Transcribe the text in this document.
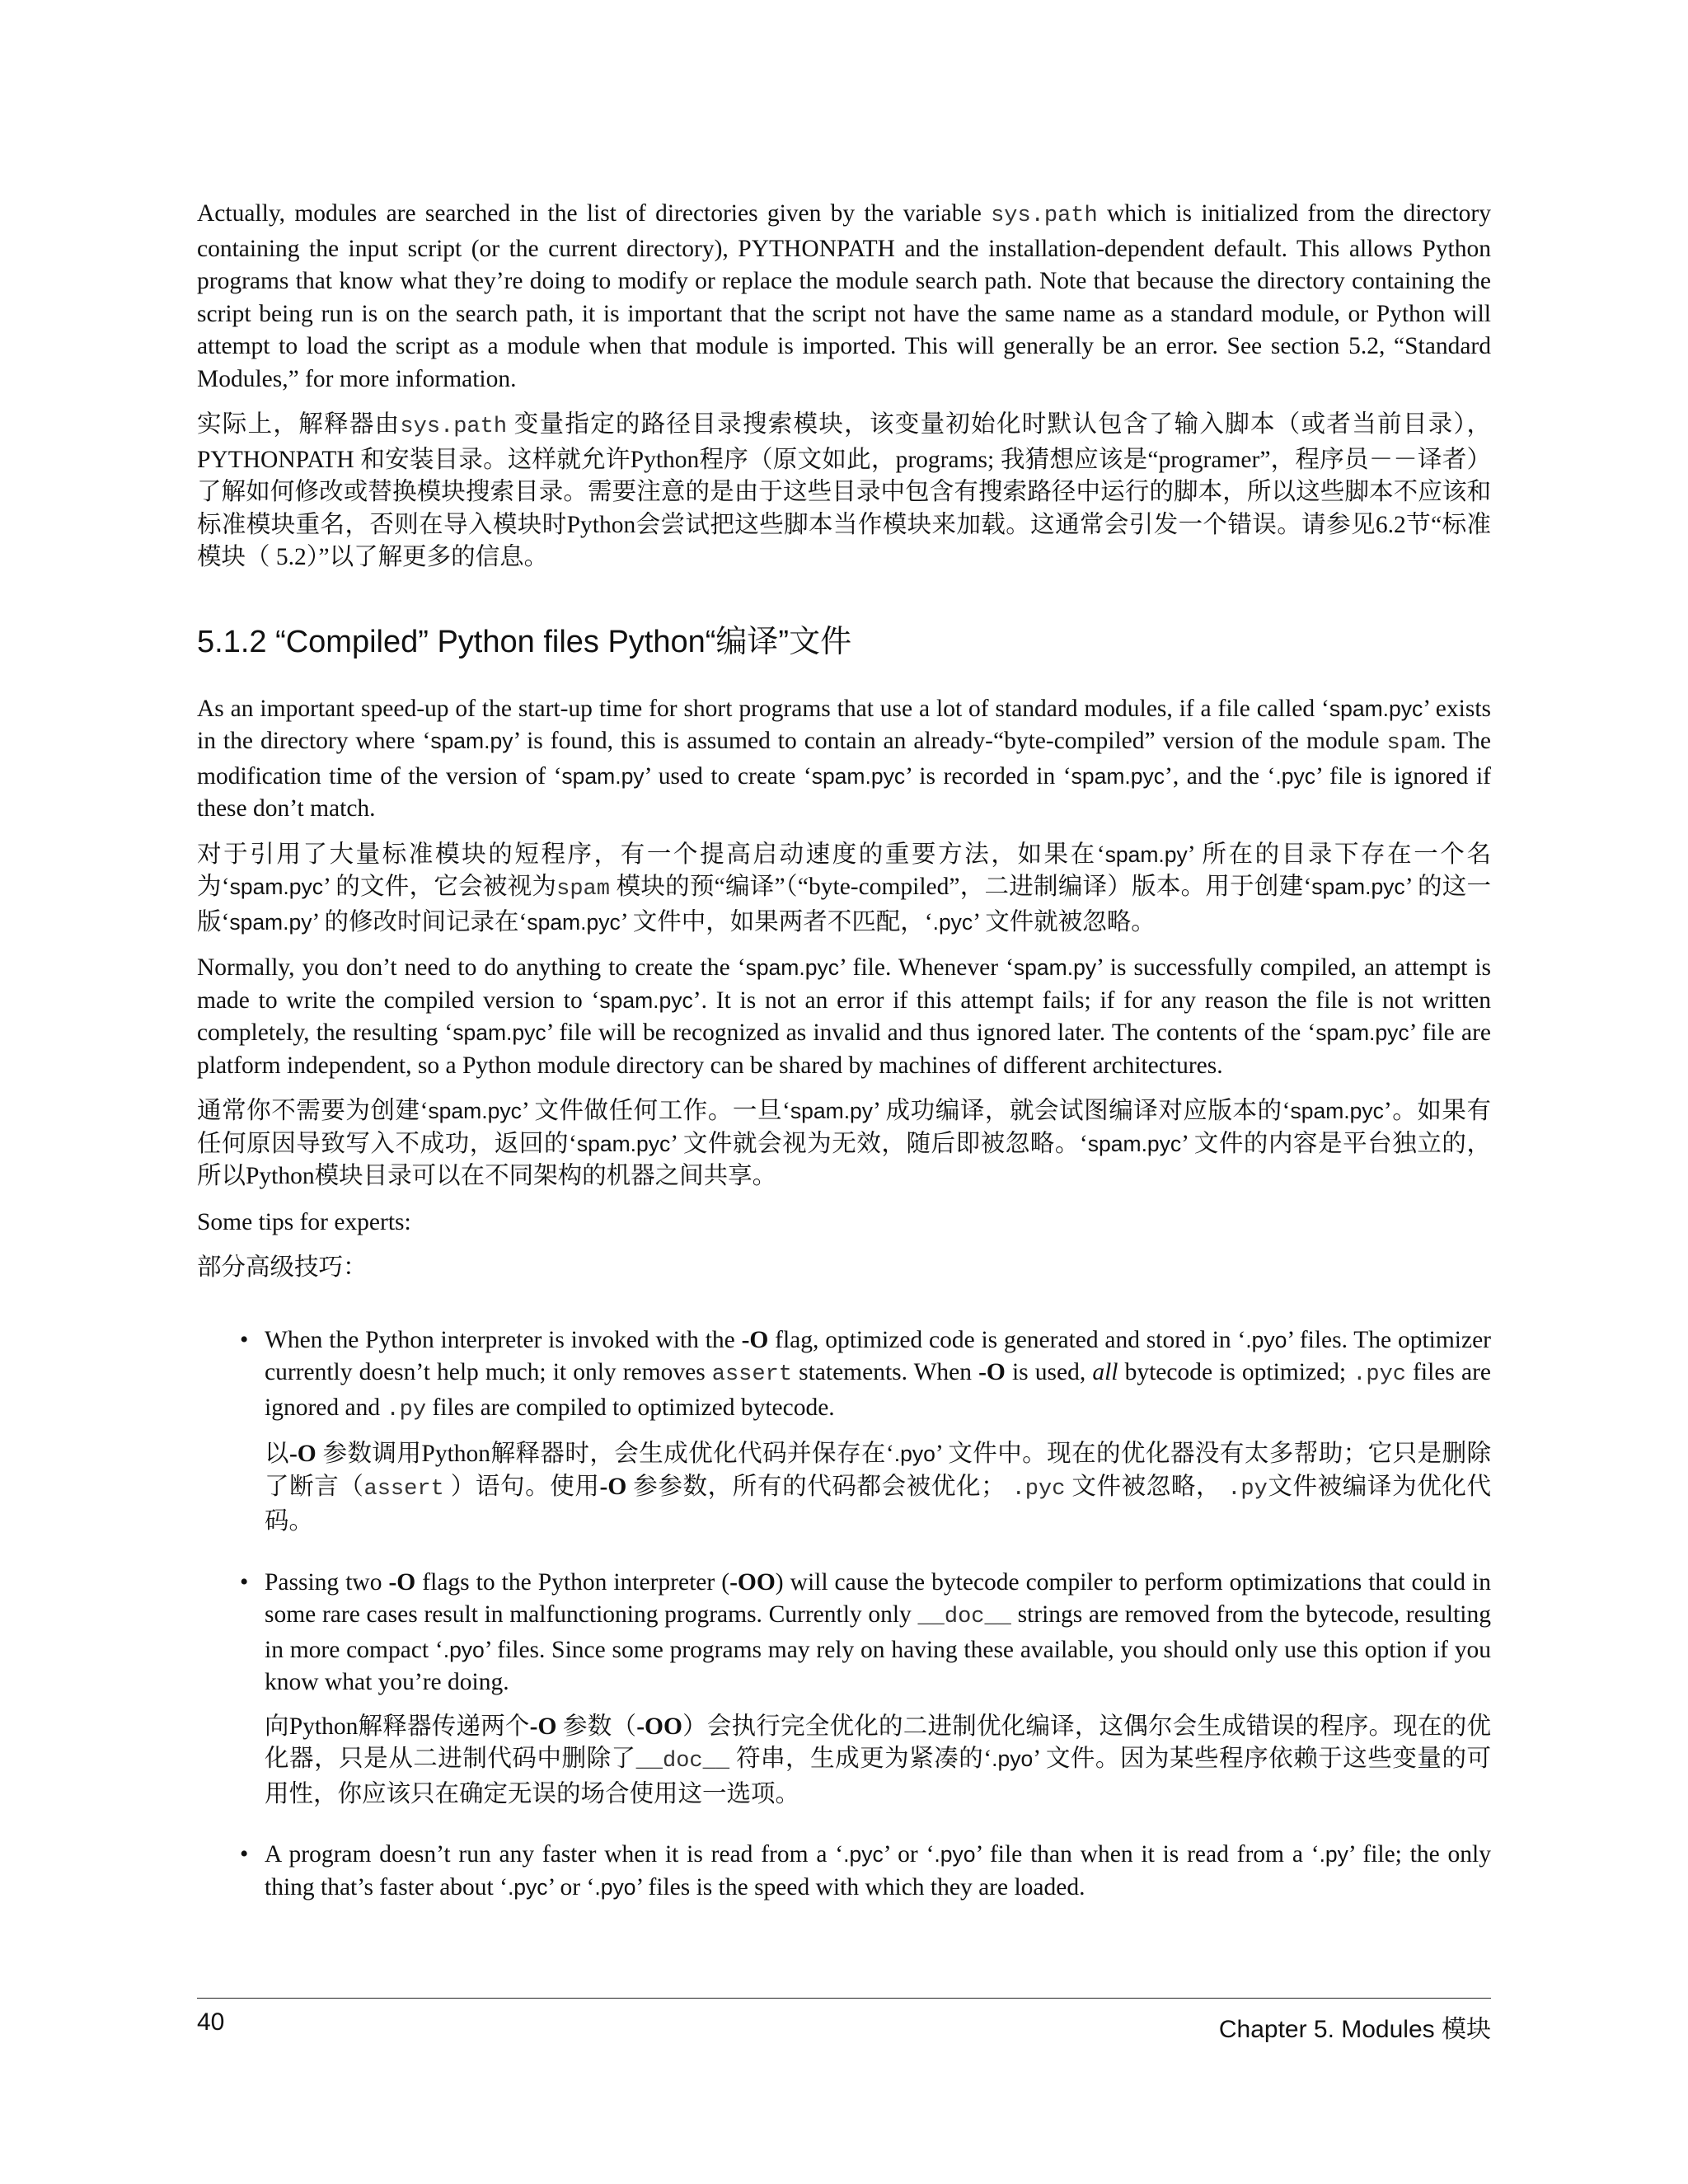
Actually, modules are searched in the list of directories given by the variable sys.path which is initialized from the directory containing the input script (or the current directory), PYTHONPATH and the installation-dependent default. This allows Python programs that know what they’re doing to modify or replace the module search path. Note that because the directory containing the script being run is on the search path, it is important that the script not have the same name as a standard module, or Python will attempt to load the script as a module when that module is imported. This will generally be an error. See section 5.2, “Standard Modules,” for more information.

实际上，解释器由sys.path 变量指定的路径目录搜索模块，该变量初始化时默认包含了输入脚本（或者当前目录），PYTHONPATH 和安装目录。这样就允许Python程序（原文如此，programs; 我猜想应该是“programer”，程序员－－译者）了解如何修改或替换模块搜索目录。需要注意的是由于这些目录中包含有搜索路径中运行的脚本，所以这些脚本不应该和标准模块重名，否则在导入模块时Python会尝试把这些脚本当作模块来加载。这通常会引发一个错误。请参见6.2节“标准模块（ 5.2）”以了解更多的信息。

5.1.2 “Compiled” Python files Python“编译”文件

As an important speed-up of the start-up time for short programs that use a lot of standard modules, if a file called ‘spam.pyc’ exists in the directory where ‘spam.py’ is found, this is assumed to contain an already-“byte-compiled” version of the module spam. The modification time of the version of ‘spam.py’ used to create ‘spam.pyc’ is recorded in ‘spam.pyc’, and the ‘.pyc’ file is ignored if these don’t match.

对于引用了大量标准模块的短程序，有一个提高启动速度的重要方法，如果在‘spam.py’ 所在的目录下存在一个名为‘spam.pyc’ 的文件，它会被视为spam 模块的预“编译”（“byte-compiled”，二进制编译）版本。用于创建‘spam.pyc’ 的这一版‘spam.py’ 的修改时间记录在‘spam.pyc’ 文件中，如果两者不匹配，‘.pyc’ 文件就被忽略。

Normally, you don’t need to do anything to create the ‘spam.pyc’ file. Whenever ‘spam.py’ is successfully compiled, an attempt is made to write the compiled version to ‘spam.pyc’. It is not an error if this attempt fails; if for any reason the file is not written completely, the resulting ‘spam.pyc’ file will be recognized as invalid and thus ignored later. The contents of the ‘spam.pyc’ file are platform independent, so a Python module directory can be shared by machines of different architectures.

通常你不需要为创建‘spam.pyc’ 文件做任何工作。一旦‘spam.py’ 成功编译，就会试图编译对应版本的‘spam.pyc’。如果有任何原因导致写入不成功，返回的‘spam.pyc’ 文件就会视为无效，随后即被忽略。‘spam.pyc’ 文件的内容是平台独立的，所以Python模块目录可以在不同架构的机器之间共享。

Some tips for experts:

部分高级技巧：

• When the Python interpreter is invoked with the -O flag, optimized code is generated and stored in ‘.pyo’ files. The optimizer currently doesn’t help much; it only removes assert statements. When -O is used, all bytecode is optimized; .pyc files are ignored and .py files are compiled to optimized bytecode.

以-O 参数调用Python解释器时，会生成优化代码并保存在‘.pyo’ 文件中。现在的优化器没有太多帮助；它只是删除了断言（assert ）语句。使用-O 参参数，所有的代码都会被优化； .pyc 文件被忽略， .py文件被编译为优化代码。

• Passing two -O flags to the Python interpreter (-OO) will cause the bytecode compiler to perform optimizations that could in some rare cases result in malfunctioning programs. Currently only __doc__ strings are removed from the bytecode, resulting in more compact ‘.pyo’ files. Since some programs may rely on having these available, you should only use this option if you know what you’re doing.

向Python解释器传递两个-O 参数（-OO）会执行完全优化的二进制优化编译，这偶尔会生成错误的程序。现在的优化器，只是从二进制代码中删除了__doc__ 符串，生成更为紧凑的‘.pyo’ 文件。因为某些程序依赖于这些变量的可用性，你应该只在确定无误的场合使用这一选项。

• A program doesn’t run any faster when it is read from a ‘.pyc’ or ‘.pyo’ file than when it is read from a ‘.py’ file; the only thing that’s faster about ‘.pyc’ or ‘.pyo’ files is the speed with which they are loaded.

40	Chapter 5. Modules 模块
